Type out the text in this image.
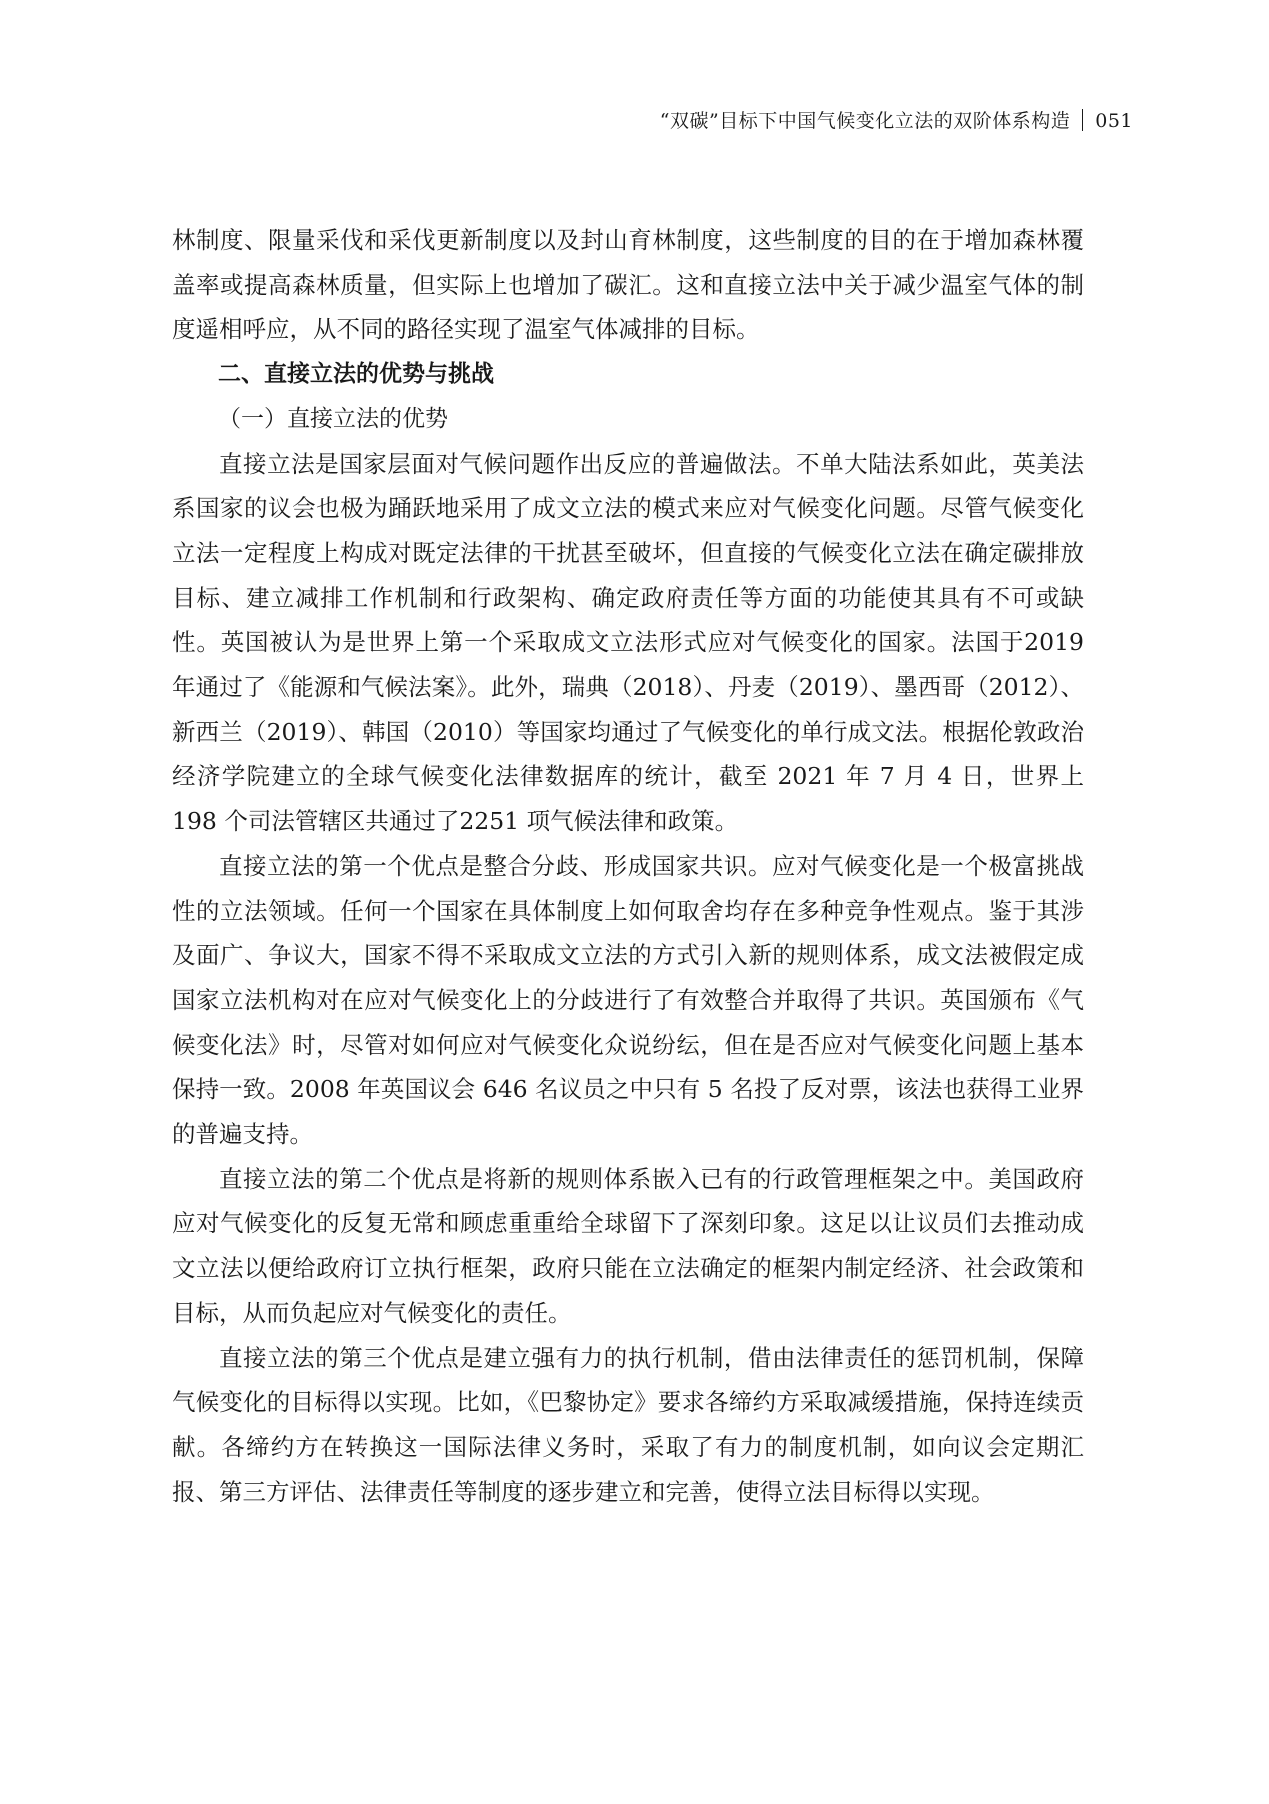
“双碳”目标下中国气候变化立法的双阶体系构造 051

林制度、限量采伐和采伐更新制度以及封山育林制度，这些制度的目的在于增加森林覆盖率或提高森林质量，但实际上也增加了碳汇。这和直接立法中关于减少温室气体的制度遥相呼应，从不同的路径实现了温室气体减排的目标。

二、直接立法的优势与挑战

（一）直接立法的优势

直接立法是国家层面对气候问题作出反应的普遍做法。不单大陆法系如此，英美法系国家的议会也极为踊跃地采用了成文立法的模式来应对气候变化问题。尽管气候变化立法一定程度上构成对既定法律的干扰甚至破坏，但直接的气候变化立法在确定碳排放目标、建立减排工作机制和行政架构、确定政府责任等方面的功能使其具有不可或缺性。英国被认为是世界上第一个采取成文立法形式应对气候变化的国家。法国于2019 年通过了《能源和气候法案》。此外，瑞典（2018）、丹麦（2019）、墨西哥（2012）、新西兰（2019）、韩国（2010）等国家均通过了气候变化的单行成文法。根据伦敦政治经济学院建立的全球气候变化法律数据库的统计，截至 2021 年 7 月 4 日，世界上 198 个司法管辖区共通过了2251 项气候法律和政策。

直接立法的第一个优点是整合分歧、形成国家共识。应对气候变化是一个极富挑战性的立法领域。任何一个国家在具体制度上如何取舍均存在多种竞争性观点。鉴于其涉及面广、争议大，国家不得不采取成文立法的方式引入新的规则体系，成文法被假定成国家立法机构对在应对气候变化上的分歧进行了有效整合并取得了共识。英国颁布《气候变化法》时，尽管对如何应对气候变化众说纷纭，但在是否应对气候变化问题上基本保持一致。2008 年英国议会 646 名议员之中只有 5 名投了反对票，该法也获得工业界的普遍支持。

直接立法的第二个优点是将新的规则体系嵌入已有的行政管理框架之中。美国政府应对气候变化的反复无常和顾虑重重给全球留下了深刻印象。这足以让议员们去推动成文立法以便给政府订立执行框架，政府只能在立法确定的框架内制定经济、社会政策和目标，从而负起应对气候变化的责任。

直接立法的第三个优点是建立强有力的执行机制，借由法律责任的惩罚机制，保障气候变化的目标得以实现。比如，《巴黎协定》要求各缔约方采取减缓措施，保持连续贡献。各缔约方在转换这一国际法律义务时，采取了有力的制度机制，如向议会定期汇报、第三方评估、法律责任等制度的逐步建立和完善，使得立法目标得以实现。
